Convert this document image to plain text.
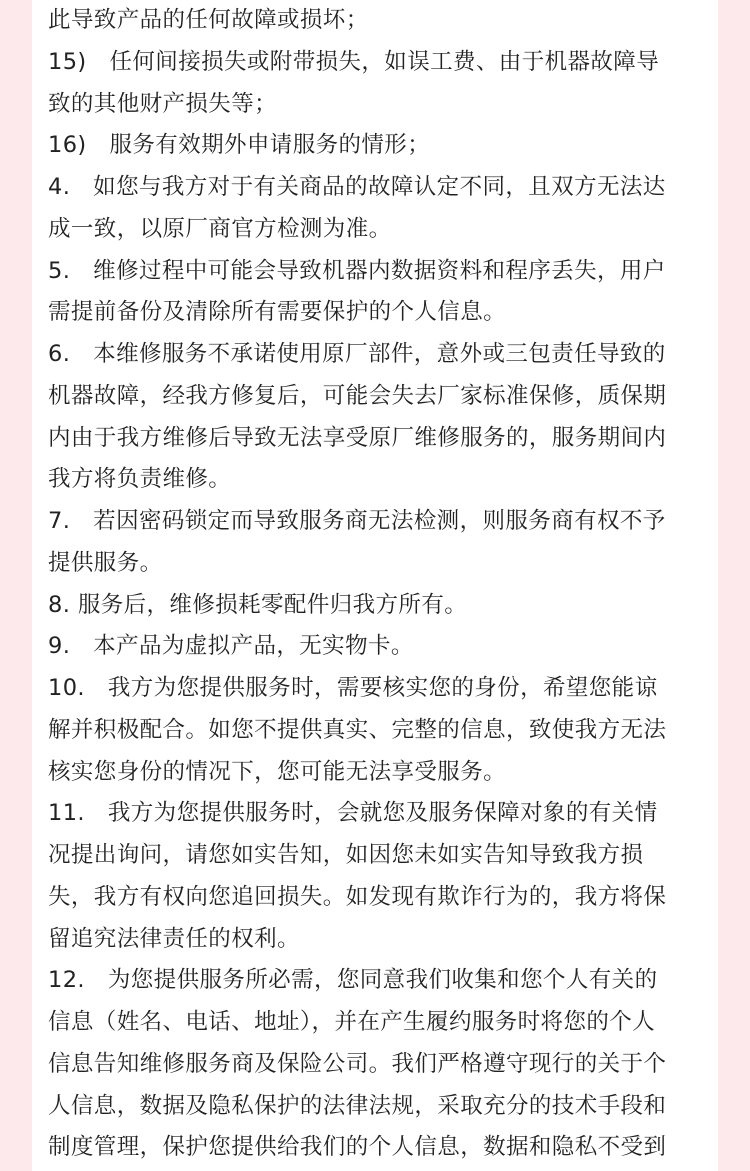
此导致产品的任何故障或损坏；
15)　任何间接损失或附带损失，如误工费、由于机器故障导
致的其他财产损失等；
16)　服务有效期外申请服务的情形；
4.　如您与我方对于有关商品的故障认定不同，且双方无法达
成一致，以原厂商官方检测为准。
5.　维修过程中可能会导致机器内数据资料和程序丢失，用户
需提前备份及清除所有需要保护的个人信息。
6.　本维修服务不承诺使用原厂部件，意外或三包责任导致的
机器故障，经我方修复后，可能会失去厂家标准保修，质保期
内由于我方维修后导致无法享受原厂维修服务的，服务期间内
我方将负责维修。
7.　若因密码锁定而导致服务商无法检测，则服务商有权不予
提供服务。
8. 服务后，维修损耗零配件归我方所有。
9.　本产品为虚拟产品，无实物卡。
10.　我方为您提供服务时，需要核实您的身份，希望您能谅
解并积极配合。如您不提供真实、完整的信息，致使我方无法
核实您身份的情况下，您可能无法享受服务。
11.　我方为您提供服务时，会就您及服务保障对象的有关情
况提出询问，请您如实告知，如因您未如实告知导致我方损
失，我方有权向您追回损失。如发现有欺诈行为的，我方将保
留追究法律责任的权利。
12.　为您提供服务所必需，您同意我们收集和您个人有关的
信息（姓名、电话、地址），并在产生履约服务时将您的个人
信息告知维修服务商及保险公司。我们严格遵守现行的关于个
人信息，数据及隐私保护的法律法规，采取充分的技术手段和
制度管理，保护您提供给我们的个人信息，数据和隐私不受到
